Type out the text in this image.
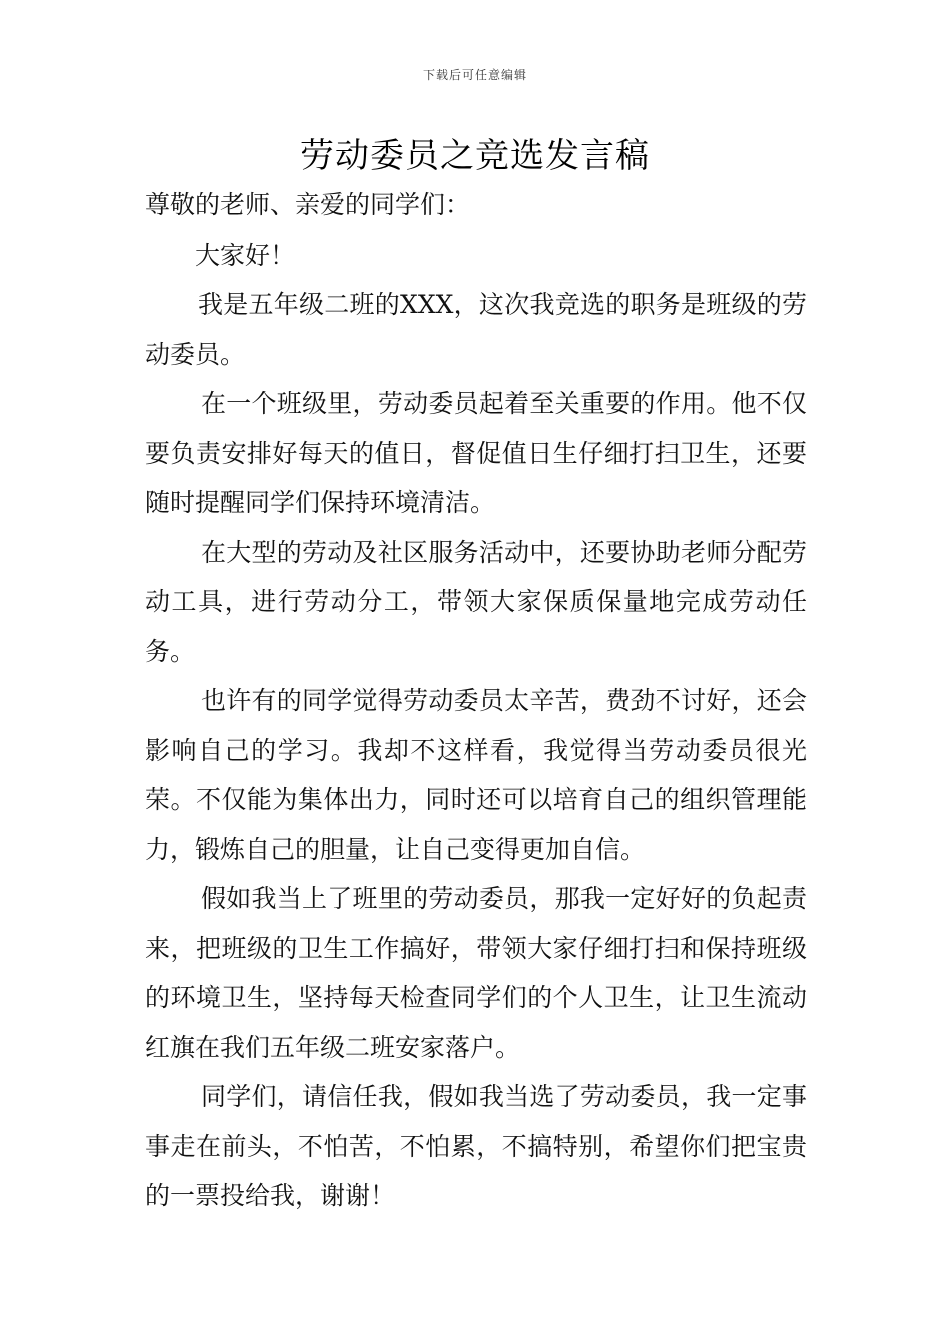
下载后可任意编辑
劳动委员之竞选发言稿

尊敬的老师、亲爱的同学们：

大家好！

我是五年级二班的XXX，这次我竞选的职务是班级的劳动委员。

在一个班级里，劳动委员起着至关重要的作用。他不仅要负责安排好每天的值日，督促值日生仔细打扫卫生，还要随时提醒同学们保持环境清洁。

在大型的劳动及社区服务活动中，还要协助老师分配劳动工具，进行劳动分工，带领大家保质保量地完成劳动任务。

也许有的同学觉得劳动委员太辛苦，费劲不讨好，还会影响自己的学习。我却不这样看，我觉得当劳动委员很光荣。不仅能为集体出力，同时还可以培育自己的组织管理能力，锻炼自己的胆量，让自己变得更加自信。

假如我当上了班里的劳动委员，那我一定好好的负起责来，把班级的卫生工作搞好，带领大家仔细打扫和保持班级的环境卫生，坚持每天检查同学们的个人卫生，让卫生流动红旗在我们五年级二班安家落户。

同学们，请信任我，假如我当选了劳动委员，我一定事事走在前头，不怕苦，不怕累，不搞特别，希望你们把宝贵的一票投给我，谢谢！
